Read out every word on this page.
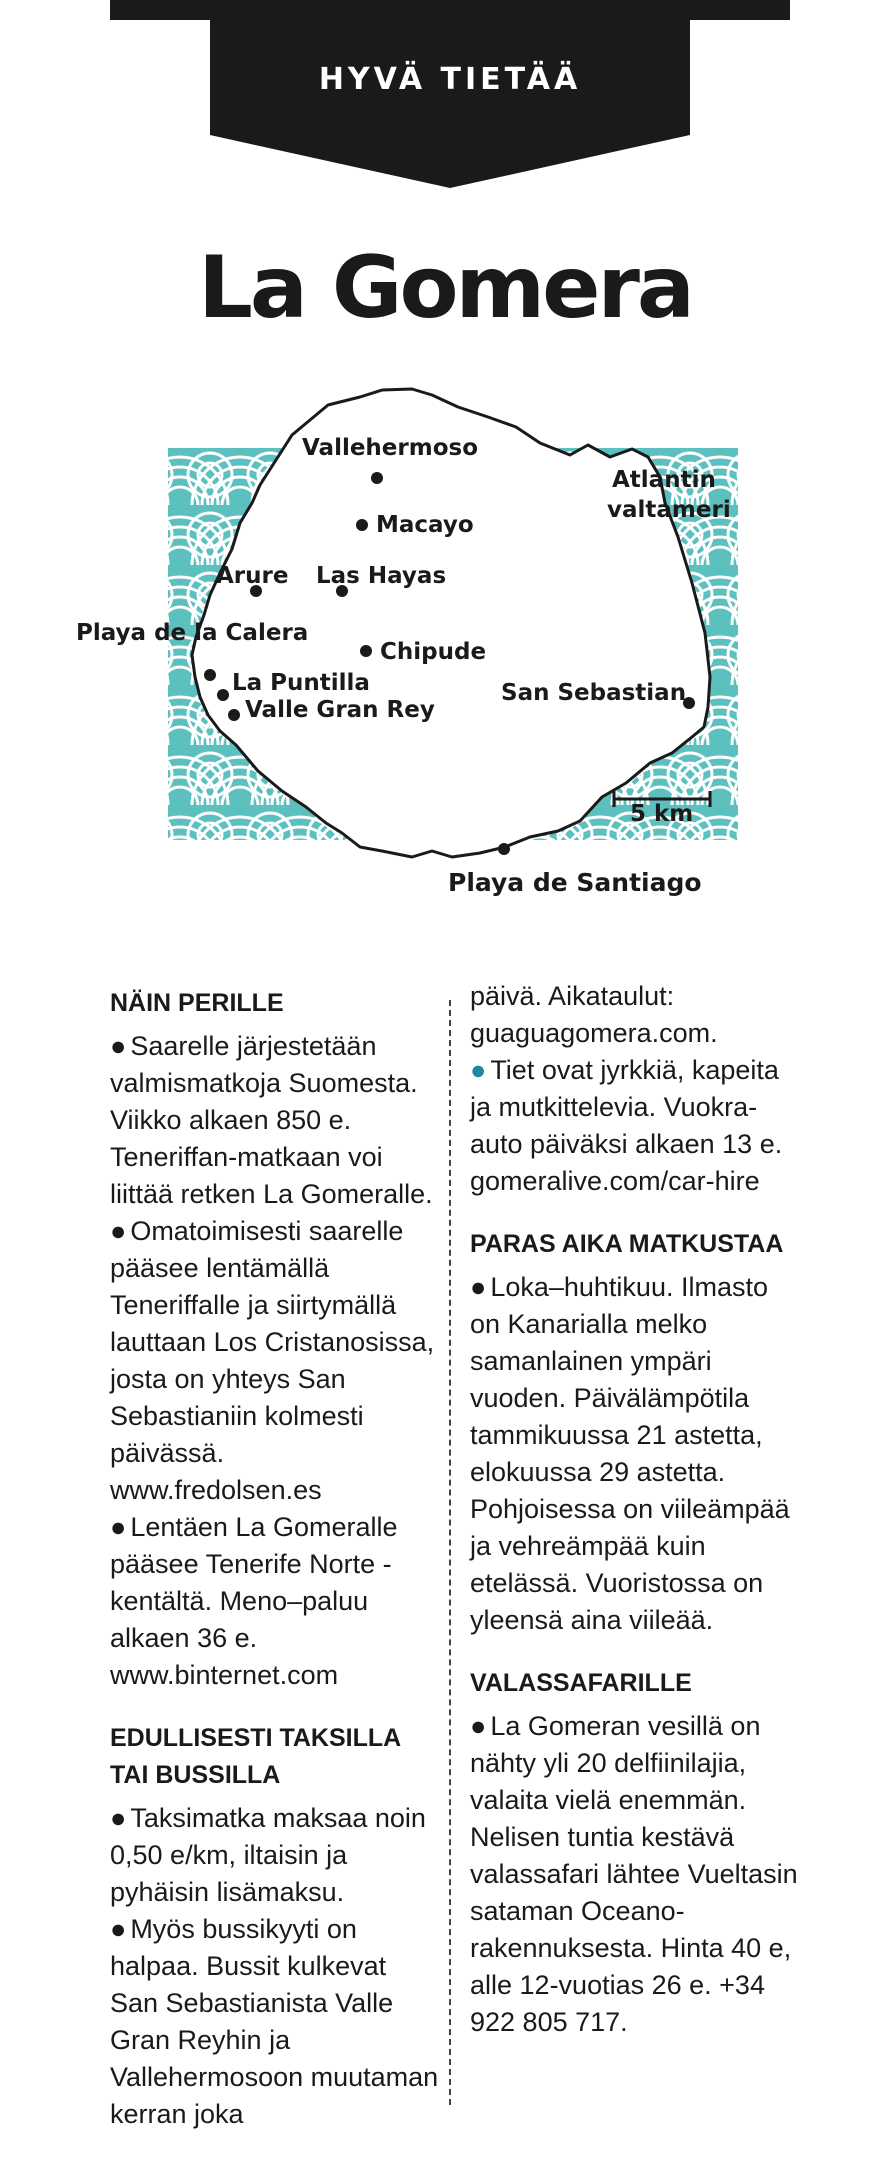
HYVÄ TIETÄÄ
La Gomera
Vallehermoso
Macayo
Arure Las Hayas
Playa de la Calera
Chipude
La Puntilla
Valle Gran Rey
San Sebastian
Playa de Santiago
Atlantin
valtameri
5 km
NÄIN PERILLE

● Saarelle järjestetään valmismatkoja Suomesta. Viikko alkaen 850 e. Teneriffan-matkaan voi liittää retken La Gomeralle.

● Omatoimisesti saarelle pääsee lentämällä Teneriffalle ja siirtymällä lauttaan Los Cristanosissa, josta on yhteys San Sebastianiin kolmesti päivässä. www.fredolsen.es

● Lentäen La Gomeralle pääsee Tenerife Norte -kentältä. Meno–paluu alkaen 36 e. www.binternet.com

EDULLISESTI TAKSILLA TAI BUSSILLA

● Taksimatka maksaa noin 0,50 e/km, iltaisin ja pyhäisin lisämaksu.

● Myös bussikyyti on halpaa. Bussit kulkevat San Sebastianista Valle Gran Reyhin ja Vallehermosoon muutaman kerran joka

päivä. Aikataulut: guaguagomera.com.

● Tiet ovat jyrkkiä, kapeita ja mutkittelevia. Vuokra-auto päiväksi alkaen 13 e. gomeralive.com/car-hire

PARAS AIKA MATKUSTAA

● Loka–huhtikuu. Ilmasto on Kanarialla melko samanlainen ympäri vuoden. Päivälämpötila tammikuussa 21 astetta, elokuussa 29 astetta. Pohjoisessa on viileämpää ja vehreämpää kuin etelässä. Vuoristossa on yleensä aina viileää.

VALASSAFARILLE

● La Gomeran vesillä on nähty yli 20 delfiinilajia, valaita vielä enemmän. Nelisen tuntia kestävä valassafari lähtee Vueltasin sataman Oceano-rakennuksesta. Hinta 40 e, alle 12-vuotias 26 e. +34 922 805 717.
